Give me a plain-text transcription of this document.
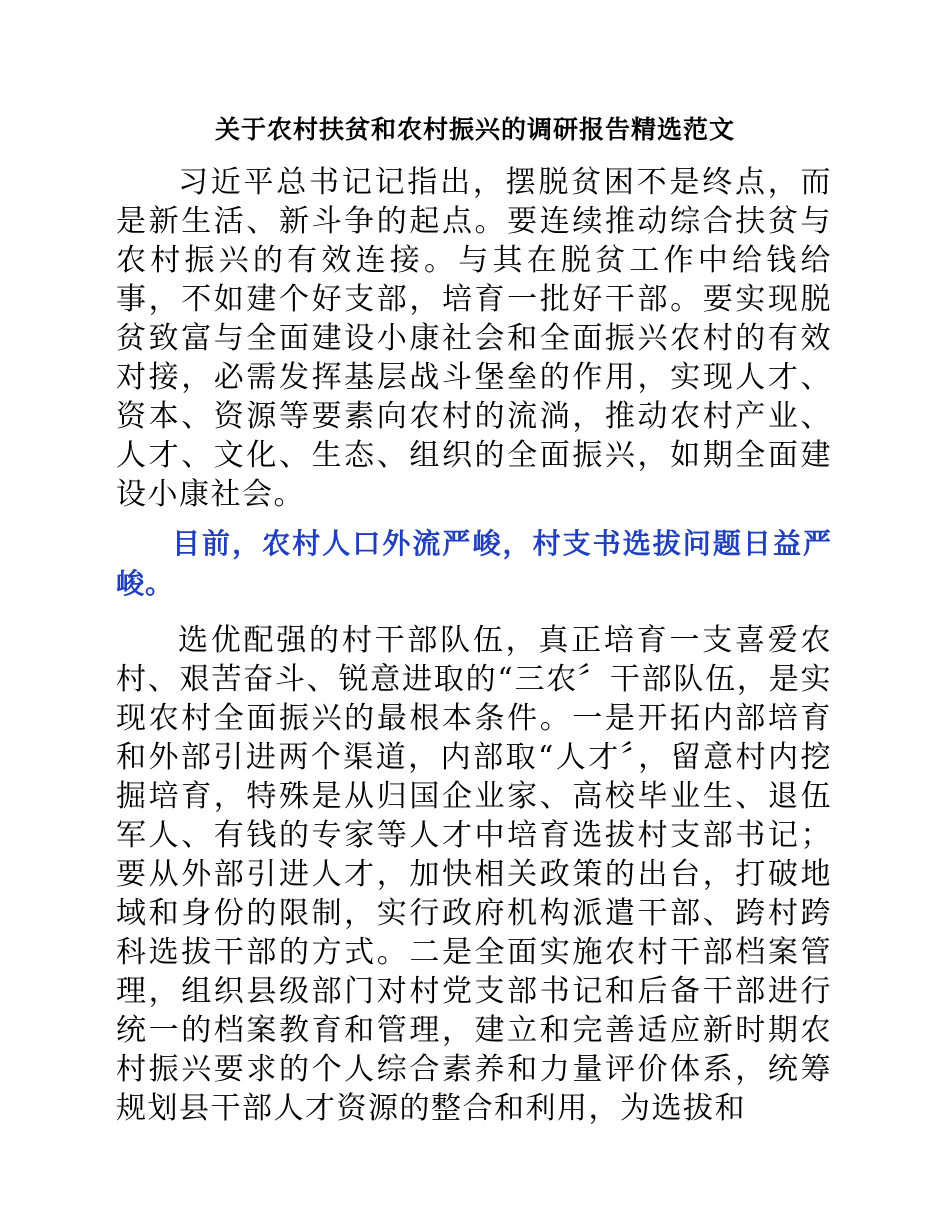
关于农村扶贫和农村振兴的调研报告精选范文

习近平总书记记指出，摆脱贫困不是终点，而是新生活、新斗争的起点。要连续推动综合扶贫与农村振兴的有效连接。与其在脱贫工作中给钱给事，不如建个好支部，培育一批好干部。要实现脱贫致富与全面建设小康社会和全面振兴农村的有效对接，必需发挥基层战斗堡垒的作用，实现人才、资本、资源等要素向农村的流淌，推动农村产业、人才、文化、生态、组织的全面振兴，如期全面建设小康社会。

目前，农村人口外流严峻，村支书选拔问题日益严峻。

选优配强的村干部队伍，真正培育一支喜爱农村、艰苦奋斗、锐意进取的“三农〞干部队伍，是实现农村全面振兴的最根本条件。一是开拓内部培育和外部引进两个渠道，内部取“人才〞，留意村内挖掘培育，特殊是从归国企业家、高校毕业生、退伍军人、有钱的专家等人才中培育选拔村支部书记；要从外部引进人才，加快相关政策的出台，打破地域和身份的限制，实行政府机构派遣干部、跨村跨科选拔干部的方式。二是全面实施农村干部档案管理，组织县级部门对村党支部书记和后备干部进行统一的档案教育和管理，建立和完善适应新时期农村振兴要求的个人综合素养和力量评价体系，统筹规划县干部人才资源的整合和利用，为选拔和
